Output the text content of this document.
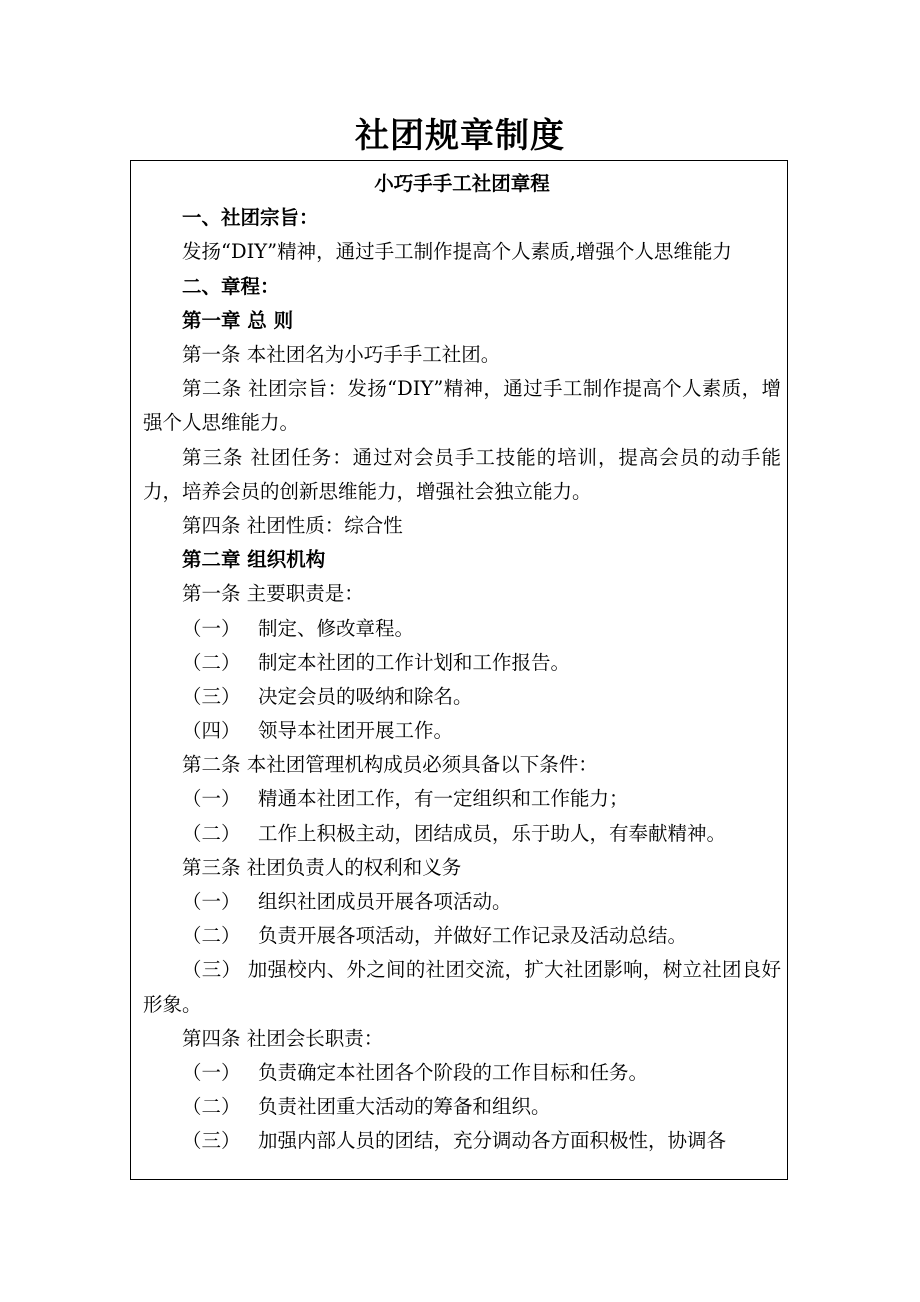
社团规章制度
小巧手手工社团章程
一、社团宗旨：
发扬“DIY”精神，通过手工制作提高个人素质,增强个人思维能力
二、章程：
第一章 总 则
第一条 本社团名为小巧手手工社团。
第二条 社团宗旨：发扬“DIY”精神，通过手工制作提高个人素质，增强个人思维能力。
第三条 社团任务：通过对会员手工技能的培训，提高会员的动手能力，培养会员的创新思维能力，增强社会独立能力。
第四条 社团性质：综合性
第二章 组织机构
第一条 主要职责是：
（一） 制定、修改章程。
（二） 制定本社团的工作计划和工作报告。
（三） 决定会员的吸纳和除名。
（四） 领导本社团开展工作。
第二条 本社团管理机构成员必须具备以下条件：
（一） 精通本社团工作，有一定组织和工作能力；
（二） 工作上积极主动，团结成员，乐于助人，有奉献精神。
第三条 社团负责人的权利和义务
（一） 组织社团成员开展各项活动。
（二） 负责开展各项活动，并做好工作记录及活动总结。
（三） 加强校内、外之间的社团交流，扩大社团影响，树立社团良好形象。
第四条 社团会长职责：
（一） 负责确定本社团各个阶段的工作目标和任务。
（二） 负责社团重大活动的筹备和组织。
（三） 加强内部人员的团结，充分调动各方面积极性，协调各
